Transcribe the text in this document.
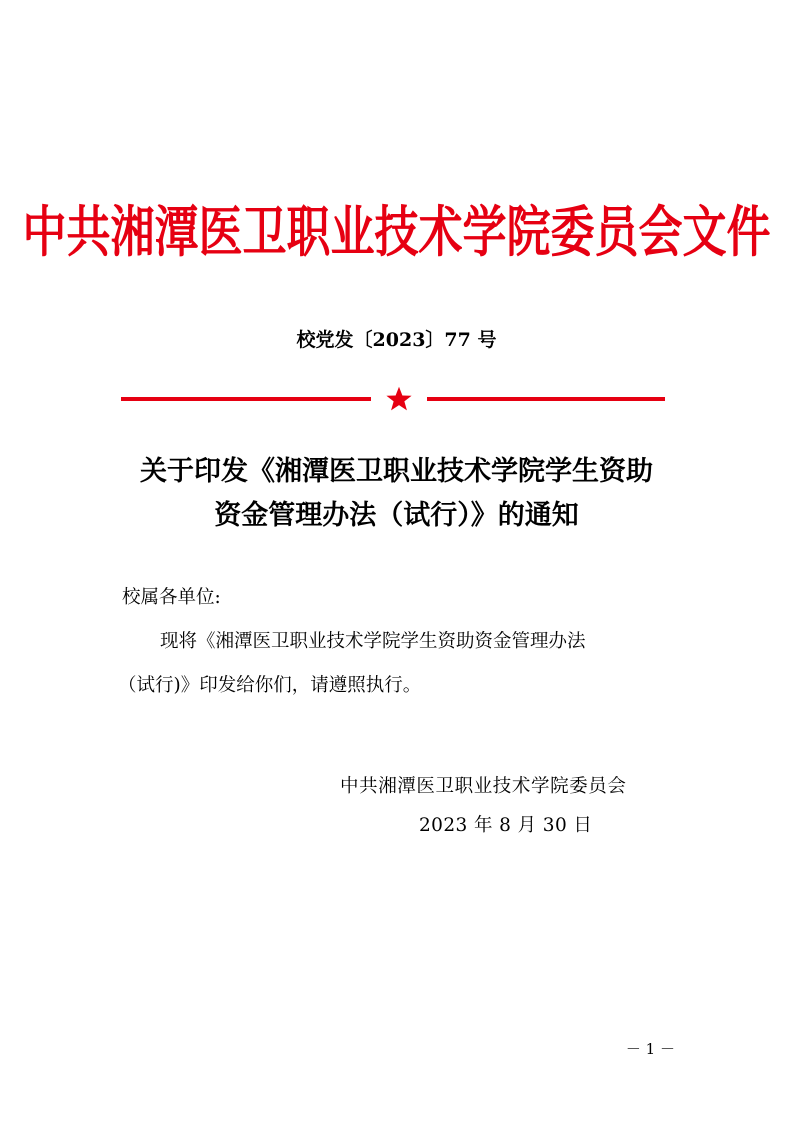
中共湘潭医卫职业技术学院委员会文件
校党发〔2023〕77 号
关于印发《湘潭医卫职业技术学院学生资助
资金管理办法（试行）》的通知
校属各单位:
现将《湘潭医卫职业技术学院学生资助资金管理办法
（试行)》印发给你们，请遵照执行。
中共湘潭医卫职业技术学院委员会
2023 年 8 月 30 日
－ 1 －
